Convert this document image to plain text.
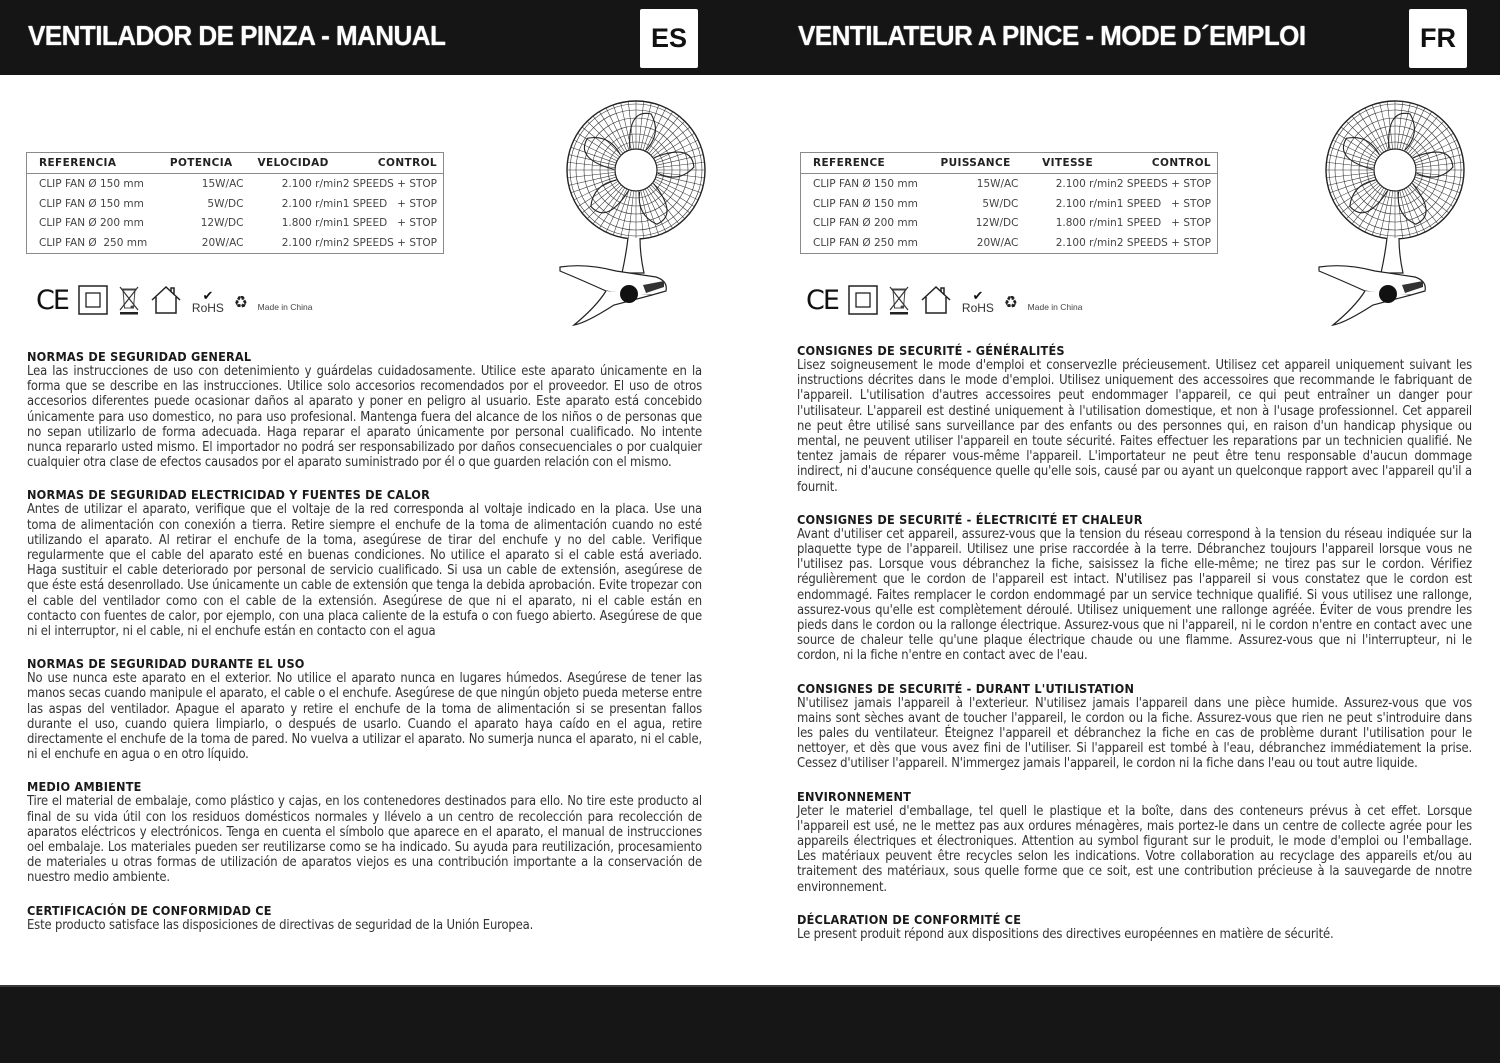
VENTILADOR DE PINZA - MANUAL	ES
REFERENCIA	POTENCIA	VELOCIDAD	CONTROL
CLIP FAN Ø 150 mm	15W/AC	2.100 r/min	2 SPEEDS + STOP
CLIP FAN Ø 150 mm	5W/DC	2.100 r/min	1 SPEED   + STOP
CLIP FAN Ø 200 mm	12W/DC	1.800 r/min	1 SPEED   + STOP
CLIP FAN Ø  250 mm	20W/AC	2.100 r/min	2 SPEEDS + STOP
CE	✔
RoHS ♻ Made in China
NORMAS DE SEGURIDAD GENERAL

Lea las instrucciones de uso con detenimiento y guárdelas cuidadosamente. Utilice este aparato únicamente en la forma que se describe en las instrucciones. Utilice solo accesorios recomendados por el proveedor. El uso de otros accesorios diferentes puede ocasionar daños al aparato y poner en peligro al usuario. Este aparato está concebido únicamente para uso domestico, no para uso profesional. Mantenga fuera del alcance de los niños o de personas que no sepan utilizarlo de forma adecuada. Haga reparar el aparato únicamente por personal cualificado. No intente nunca repararlo usted mismo. El importador no podrá ser responsabilizado por daños consecuenciales o por cualquier cualquier otra clase de efectos causados por el aparato suministrado por él o que guarden relación con el mismo.

NORMAS DE SEGURIDAD ELECTRICIDAD Y FUENTES DE CALOR

Antes de utilizar el aparato, verifique que el voltaje de la red corresponda al voltaje indicado en la placa. Use una toma de alimentación con conexión a tierra. Retire siempre el enchufe de la toma de alimentación cuando no esté utilizando el aparato. Al retirar el enchufe de la toma, asegúrese de tirar del enchufe y no del cable. Verifique regularmente que el cable del aparato esté en buenas condiciones. No utilice el aparato si el cable está averiado. Haga sustituir el cable deteriorado por personal de servicio cualificado. Si usa un cable de extensión, asegúrese de que éste está desenrollado. Use únicamente un cable de extensión que tenga la debida aprobación. Evite tropezar con el cable del ventilador como con el cable de la extensión. Asegúrese de que ni el aparato, ni el cable están en contacto con fuentes de calor, por ejemplo, con una placa caliente de la estufa o con fuego abierto. Asegúrese de que ni el interruptor, ni el cable, ni el enchufe están en contacto con el agua

NORMAS DE SEGURIDAD DURANTE EL USO

No use nunca este aparato en el exterior. No utilice el aparato nunca en lugares húmedos. Asegúrese de tener las manos secas cuando manipule el aparato, el cable o el enchufe. Asegúrese de que ningún objeto pueda meterse entre las aspas del ventilador. Apague el aparato y retire el enchufe de la toma de alimentación si se presentan fallos durante el uso, cuando quiera limpiarlo, o después de usarlo. Cuando el aparato haya caído en el agua, retire directamente el enchufe de la toma de pared. No vuelva a utilizar el aparato. No sumerja nunca el aparato, ni el cable, ni el enchufe en agua o en otro líquido.

MEDIO AMBIENTE

Tire el material de embalaje, como plástico y cajas, en los contenedores destinados para ello. No tire este producto al final de su vida útil con los residuos domésticos normales y llévelo a un centro de recolección para recolección de aparatos eléctricos y electrónicos. Tenga en cuenta el símbolo que aparece en el aparato, el manual de instrucciones oel embalaje. Los materiales pueden ser reutilizarse como se ha indicado. Su ayuda para reutilización, procesamiento de materiales u otras formas de utilización de aparatos viejos es una contribución importante a la conservación de nuestro medio ambiente.

CERTIFICACIÓN DE CONFORMIDAD CE

Este producto satisface las disposiciones de directivas de seguridad de la Unión Europea.

VENTILATEUR A PINCE - MODE D´EMPLOI	FR
REFERENCE	PUISSANCE	VITESSE	CONTROL
CLIP FAN Ø 150 mm	15W/AC	2.100 r/min	2 SPEEDS + STOP
CLIP FAN Ø 150 mm	5W/DC	2.100 r/min	1 SPEED   + STOP
CLIP FAN Ø 200 mm	12W/DC	1.800 r/min	1 SPEED   + STOP
CLIP FAN Ø 250 mm	20W/AC	2.100 r/min	2 SPEEDS + STOP
CE	✔
RoHS ♻ Made in China
CONSIGNES DE SECURITÉ - GÉNÉRALITÉS

Lisez soigneusement le mode d'emploi et conservezlle précieusement. Utilisez cet appareil uniquement suivant les instructions décrites dans le mode d'emploi. Utilisez uniquement des accessoires que recommande le fabriquant de l'appareil. L'utilisation d'autres accessoires peut endommager l'appareil, ce qui peut entraîner un danger pour l'utilisateur. L'appareil est destiné uniquement à l'utilisation domestique, et non à l'usage professionnel. Cet appareil ne peut être utilisé sans surveillance par des enfants ou des personnes qui, en raison d'un handicap physique ou mental, ne peuvent utiliser l'appareil en toute sécurité. Faites effectuer les reparations par un technicien qualifié. Ne tentez jamais de réparer vous-même l'appareil. L'importateur ne peut être tenu responsable d'aucun dommage indirect, ni d'aucune conséquence quelle qu'elle sois, causé par ou ayant un quelconque rapport avec l'appareil qu'il a fournit.

CONSIGNES DE SECURITÉ - ÉLECTRICITÉ ET CHALEUR

Avant d'utiliser cet appareil, assurez-vous que la tension du réseau correspond à la tension du réseau indiquée sur la plaquette type de l'appareil. Utilisez une prise raccordée à la terre. Débranchez toujours l'appareil lorsque vous ne l'utilisez pas. Lorsque vous débranchez la fiche, saisissez la fiche elle-même; ne tirez pas sur le cordon. Vérifiez régulièrement que le cordon de l'appareil est intact. N'utilisez pas l'appareil si vous constatez que le cordon est endommagé. Faites remplacer le cordon endommagé par un service technique qualifié. Si vous utilisez une rallonge, assurez-vous qu'elle est complètement déroulé. Utilisez uniquement une rallonge agréée. Éviter de vous prendre les pieds dans le cordon ou la rallonge électrique. Assurez-vous que ni l'appareil, ni le cordon n'entre en contact avec une source de chaleur telle qu'une plaque électrique chaude ou une flamme. Assurez-vous que ni l'interrupteur, ni le cordon, ni la fiche n'entre en contact avec de l'eau.

CONSIGNES DE SECURITÉ - DURANT L'UTILISTATION

N'utilisez jamais l'appareil à l'exterieur. N'utilisez jamais l'appareil dans une pièce humide. Assurez-vous que vos mains sont sèches avant de toucher l'appareil, le cordon ou la fiche. Assurez-vous que rien ne peut s'introduire dans les pales du ventilateur. Éteignez l'appareil et débranchez la fiche en cas de problème durant l'utilisation pour le nettoyer, et dès que vous avez fini de l'utiliser. Si l'appareil est tombé à l'eau, débranchez immédiatement la prise. Cessez d'utiliser l'appareil. N'immergez jamais l'appareil, le cordon ni la fiche dans l'eau ou tout autre liquide.

ENVIRONNEMENT

Jeter le materiel d'emballage, tel quell le plastique et la boîte, dans des conteneurs prévus à cet effet. Lorsque l'appareil est usé, ne le mettez pas aux ordures ménagères, mais portez-le dans un centre de collecte agrée pour les appareils électriques et électroniques. Attention au symbol figurant sur le produit, le mode d'emploi ou l'emballage. Les matériaux peuvent être recycles selon les indications. Votre collaboration au recyclage des appareils et/ou au traitement des matériaux, sous quelle forme que ce soit, est une contribution précieuse à la sauvegarde de nnotre environnement.

DÉCLARATION DE CONFORMITÉ CE

Le present produit répond aux dispositions des directives européennes en matière de sécurité.
